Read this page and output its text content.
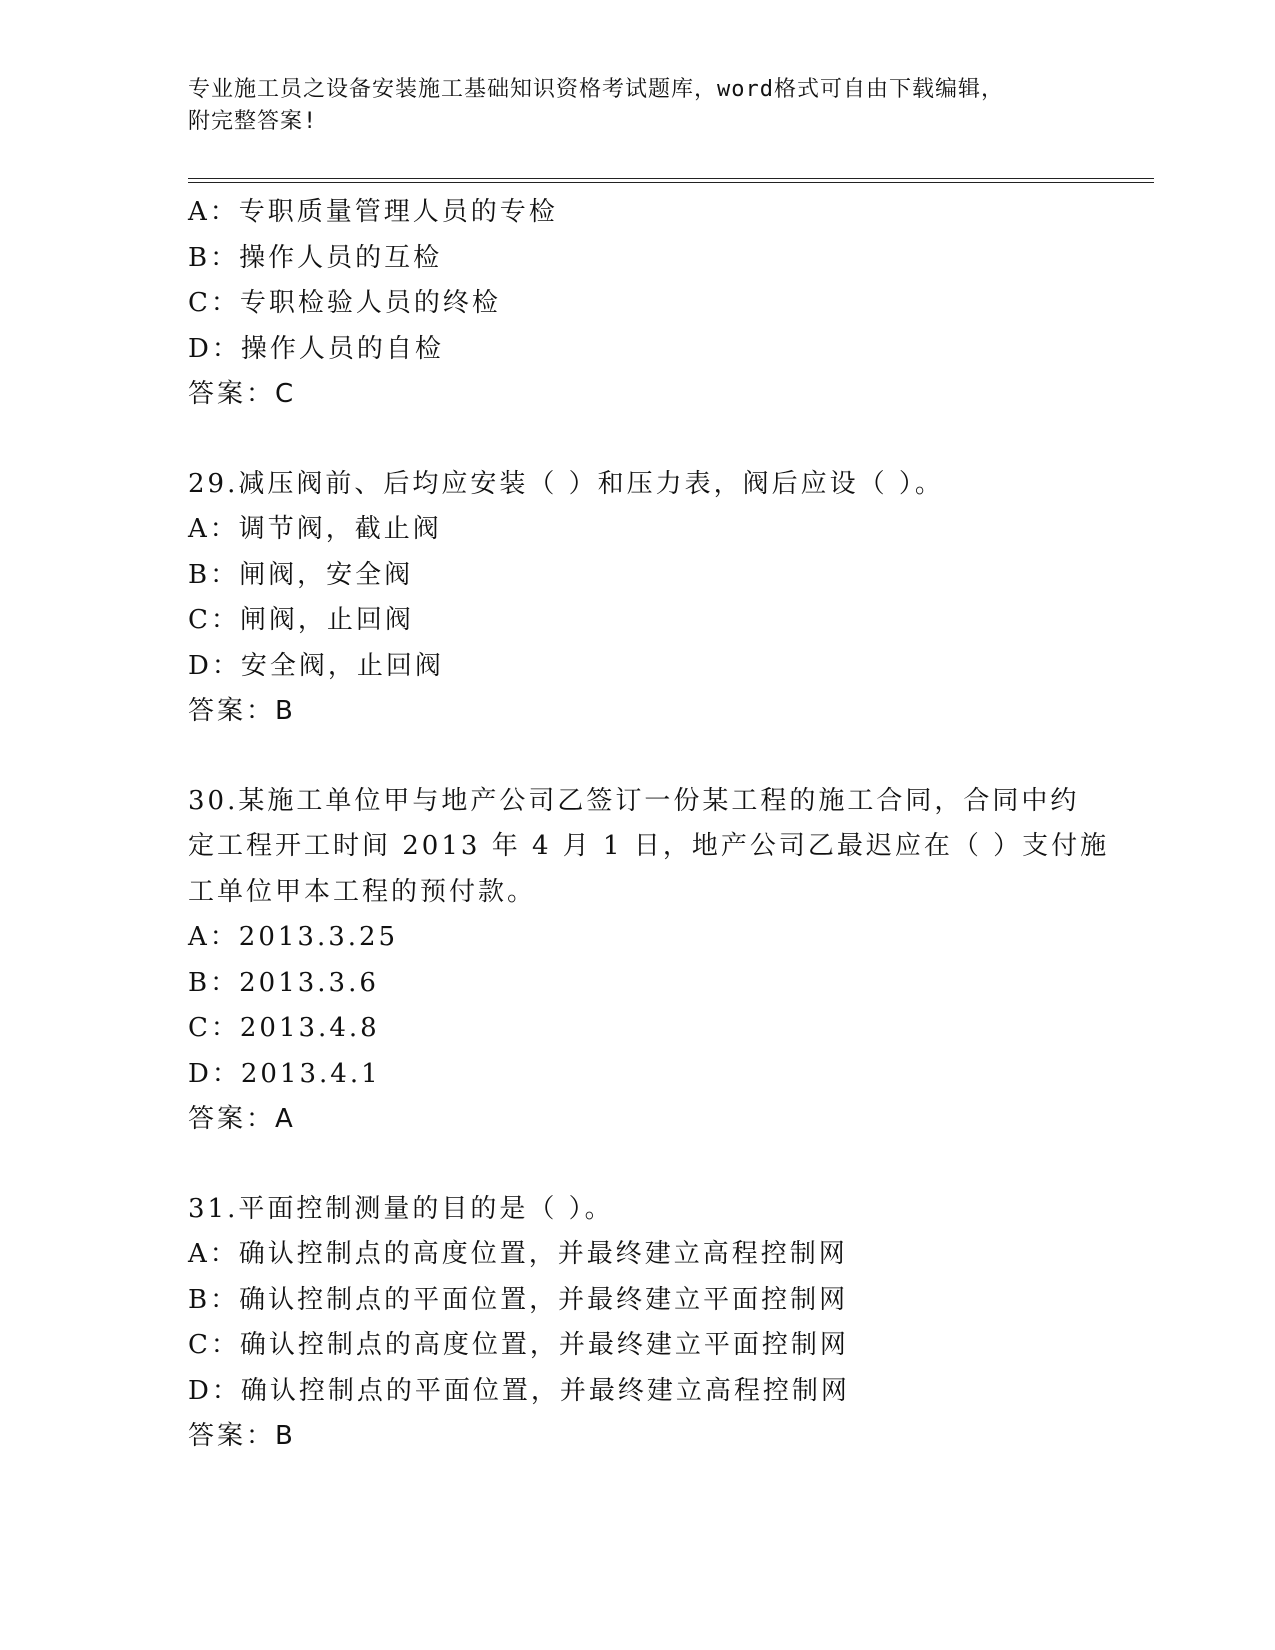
专业施工员之设备安装施工基础知识资格考试题库，word格式可自由下载编辑，
附完整答案!
A：专职质量管理人员的专检
B：操作人员的互检
C：专职检验人员的终检
D：操作人员的自检
答案：C
29.减压阀前、后均应安装（ ）和压力表，阀后应设（ ）。
A：调节阀，截止阀
B：闸阀，安全阀
C：闸阀，止回阀
D：安全阀，止回阀
答案：B
30.某施工单位甲与地产公司乙签订一份某工程的施工合同，合同中约
定工程开工时间 2013 年 4 月 1 日，地产公司乙最迟应在（ ）支付施
工单位甲本工程的预付款。
A：2013.3.25
B：2013.3.6
C：2013.4.8
D：2013.4.1
答案：A
31.平面控制测量的目的是（ ）。
A：确认控制点的高度位置，并最终建立高程控制网
B：确认控制点的平面位置，并最终建立平面控制网
C：确认控制点的高度位置，并最终建立平面控制网
D：确认控制点的平面位置，并最终建立高程控制网
答案：B
